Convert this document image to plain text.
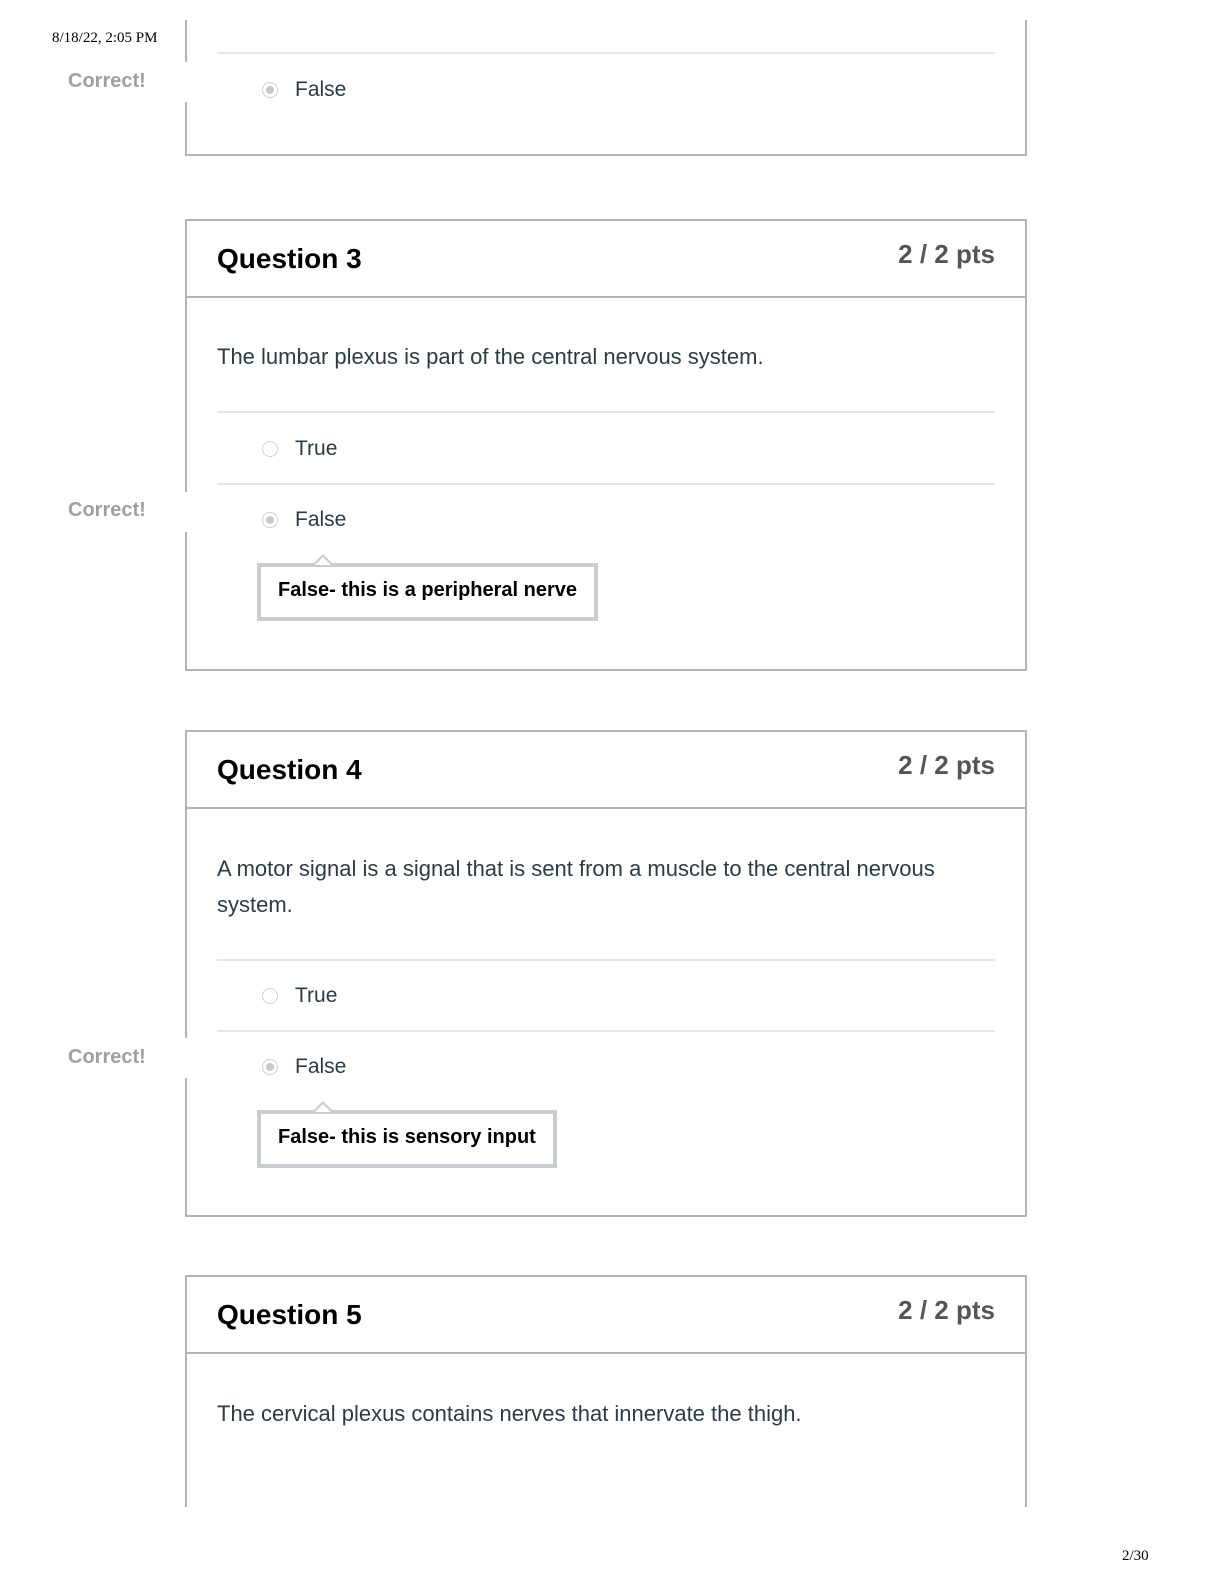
8/18/22, 2:05 PM
False
Correct!
Question 3	2 / 2 pts
The lumbar plexus is part of the central nervous system.
True
False
False- this is a peripheral nerve
Correct!
Question 4	2 / 2 pts
A motor signal is a signal that is sent from a muscle to the central nervous system.
True
False
False- this is sensory input
Correct!
Question 5	2 / 2 pts
The cervical plexus contains nerves that innervate the thigh.
2/30
